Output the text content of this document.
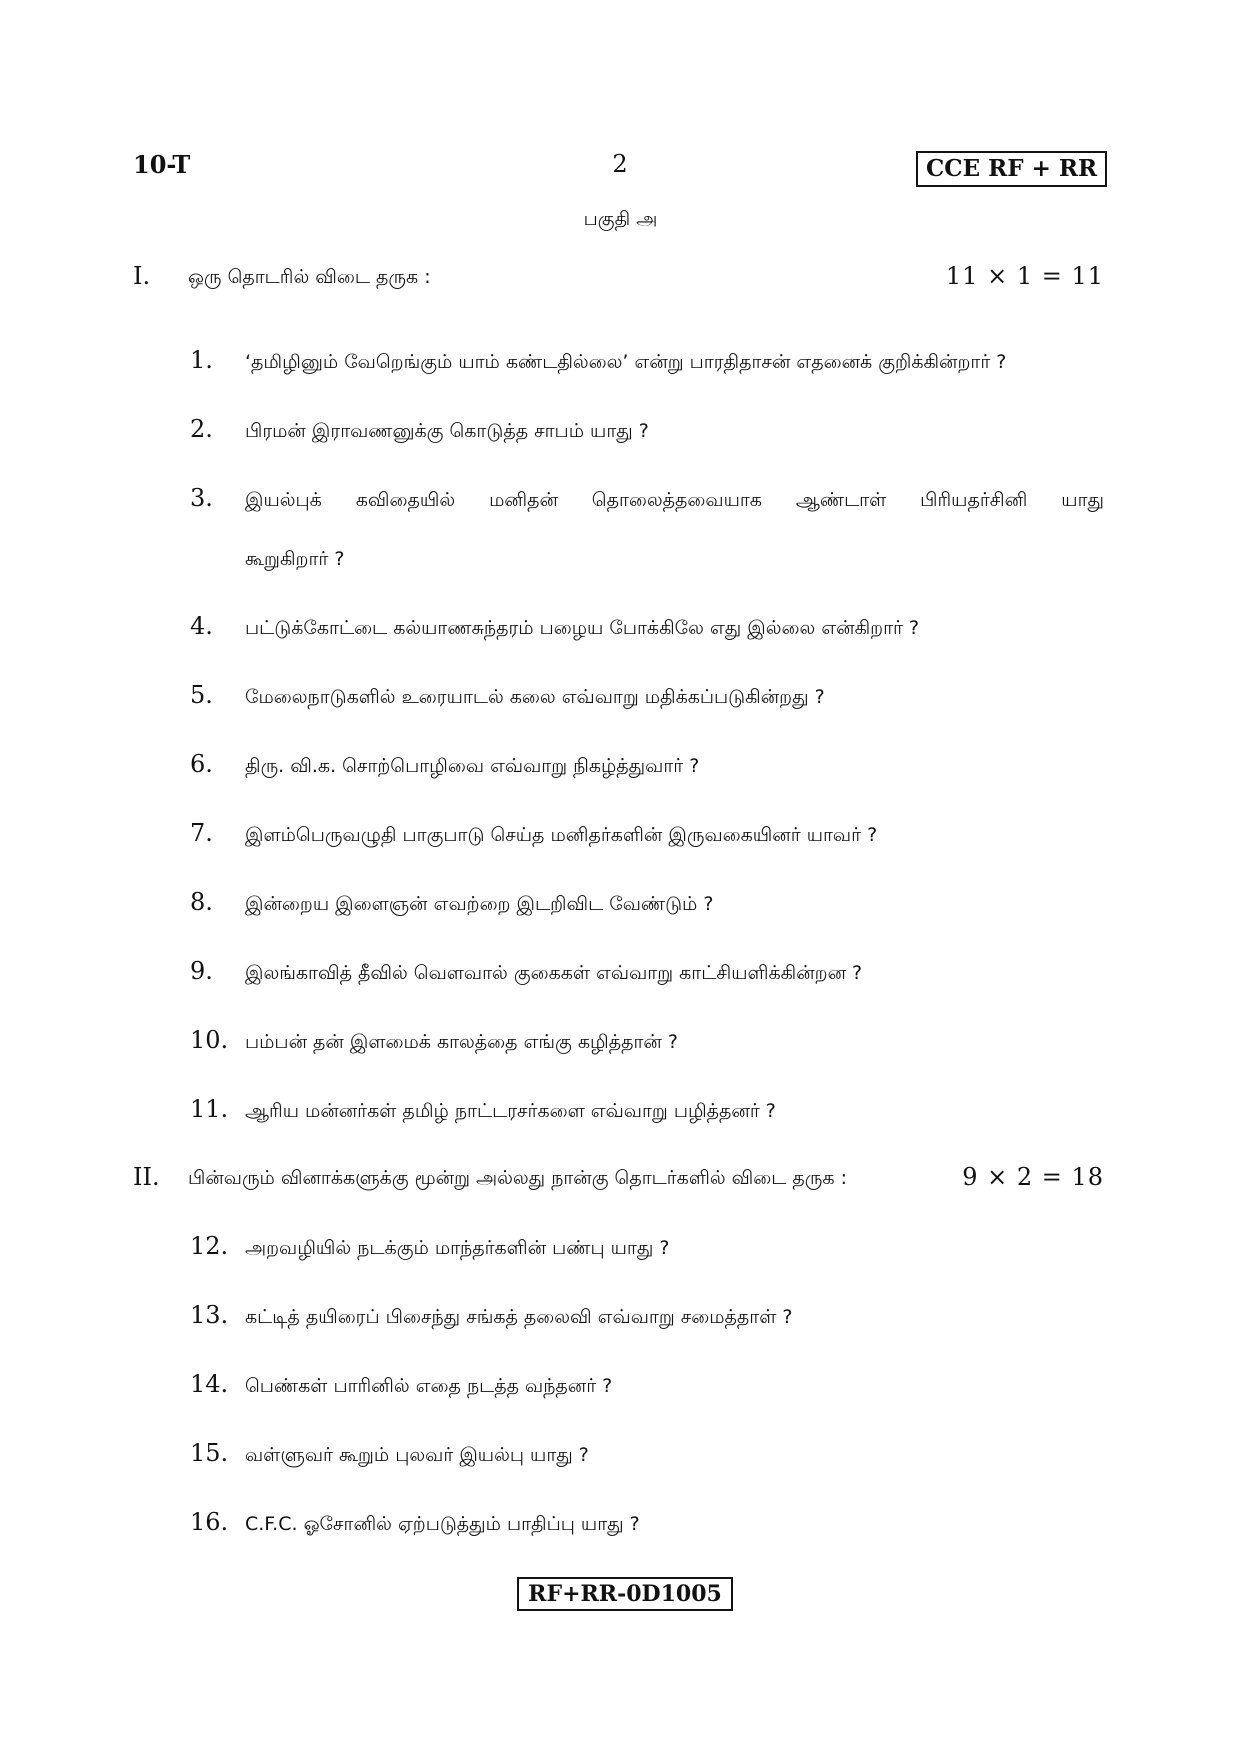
10-T	2	CCE RF + RR
பகுதி அ
I. ஒரு தொடரில் விடை தருக :	11 × 1 = 11
1.	‘தமிழினும் வேறெங்கும் யாம் கண்டதில்லை’ என்று பாரதிதாசன் எதனைக் குறிக்கின்றார் ?
2.	பிரமன் இராவணனுக்கு கொடுத்த சாபம் யாது ?
3.	இயல்புக் கவிதையில் மனிதன் தொலைத்தவையாக ஆண்டாள் பிரியதர்சினி யாது
கூறுகிறார் ?
4.	பட்டுக்கோட்டை கல்யாணசுந்தரம் பழைய போக்கிலே எது இல்லை என்கிறார் ?
5.	மேலைநாடுகளில் உரையாடல் கலை எவ்வாறு மதிக்கப்படுகின்றது ?
6.	திரு. வி.க. சொற்பொழிவை எவ்வாறு நிகழ்த்துவார் ?
7.	இளம்பெருவழுதி பாகுபாடு செய்த மனிதர்களின் இருவகையினர் யாவர் ?
8.	இன்றைய இளைஞன் எவற்றை இடறிவிட வேண்டும் ?
9.	இலங்காவித் தீவில் வௌவால் குகைகள் எவ்வாறு காட்சியளிக்கின்றன ?
10. பம்பன் தன் இளமைக் காலத்தை எங்கு கழித்தான் ?
11. ஆரிய மன்னர்கள் தமிழ் நாட்டரசர்களை எவ்வாறு பழித்தனர் ?
II. பின்வரும் வினாக்களுக்கு மூன்று அல்லது நான்கு தொடர்களில் விடை தருக :	9 × 2 = 18
12. அறவழியில் நடக்கும் மாந்தர்களின் பண்பு யாது ?
13. கட்டித் தயிரைப் பிசைந்து சங்கத் தலைவி எவ்வாறு சமைத்தாள் ?
14. பெண்கள் பாரினில் எதை நடத்த வந்தனர் ?
15. வள்ளுவர் கூறும் புலவர் இயல்பு யாது ?
16. C.F.C. ஓசோனில் ஏற்படுத்தும் பாதிப்பு யாது ?
RF+RR-0D1005
